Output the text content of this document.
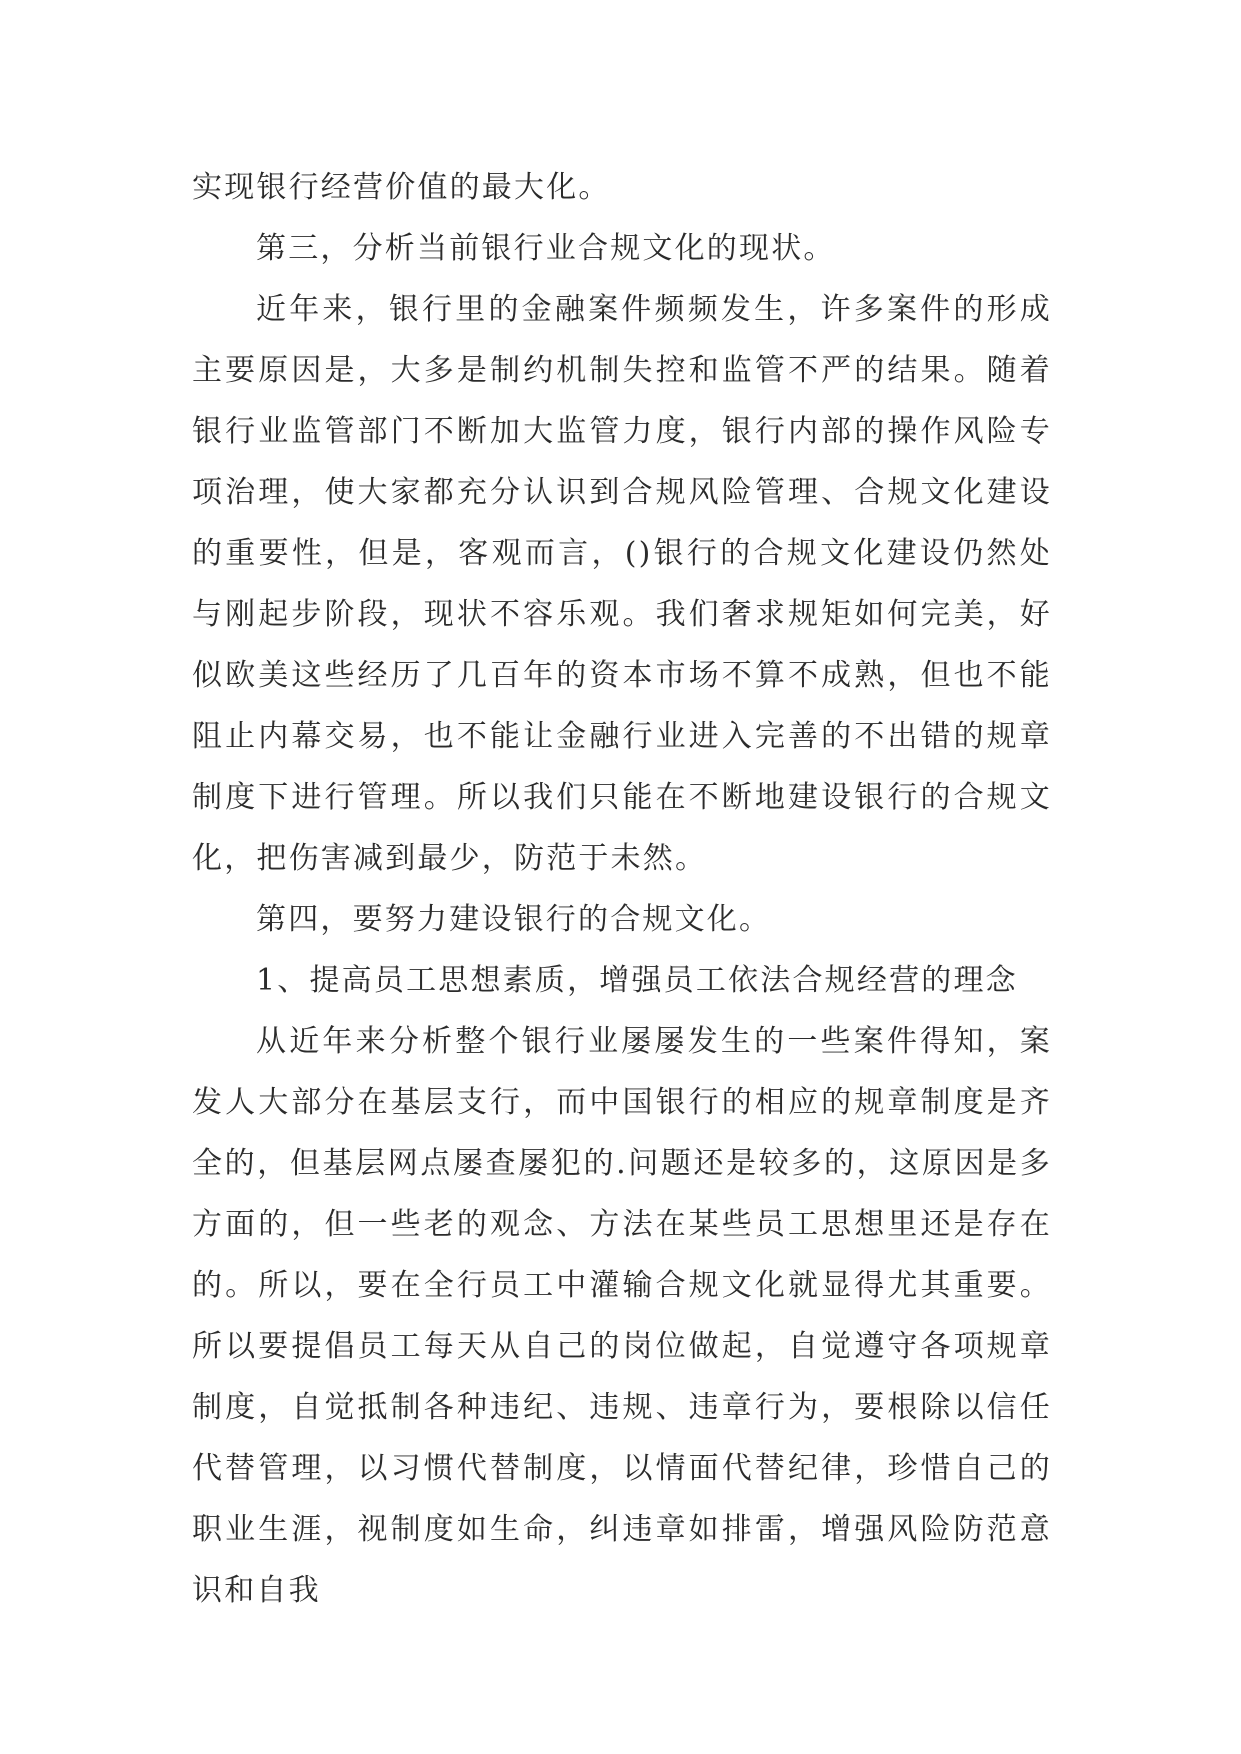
实现银行经营价值的最大化。

第三，分析当前银行业合规文化的现状。

近年来，银行里的金融案件频频发生，许多案件的形成主要原因是，大多是制约机制失控和监管不严的结果。随着银行业监管部门不断加大监管力度，银行内部的操作风险专项治理，使大家都充分认识到合规风险管理、合规文化建设的重要性，但是，客观而言，()银行的合规文化建设仍然处与刚起步阶段，现状不容乐观。我们奢求规矩如何完美，好似欧美这些经历了几百年的资本市场不算不成熟，但也不能阻止内幕交易，也不能让金融行业进入完善的不出错的规章制度下进行管理。所以我们只能在不断地建设银行的合规文化，把伤害减到最少，防范于未然。

第四，要努力建设银行的合规文化。

1、提高员工思想素质，增强员工依法合规经营的理念

从近年来分析整个银行业屡屡发生的一些案件得知，案发人大部分在基层支行，而中国银行的相应的规章制度是齐全的，但基层网点屡查屡犯的.问题还是较多的，这原因是多方面的，但一些老的观念、方法在某些员工思想里还是存在的。所以，要在全行员工中灌输合规文化就显得尤其重要。所以要提倡员工每天从自己的岗位做起，自觉遵守各项规章制度，自觉抵制各种违纪、违规、违章行为，要根除以信任代替管理，以习惯代替制度，以情面代替纪律，珍惜自己的职业生涯，视制度如生命，纠违章如排雷，增强风险防范意识和自我
